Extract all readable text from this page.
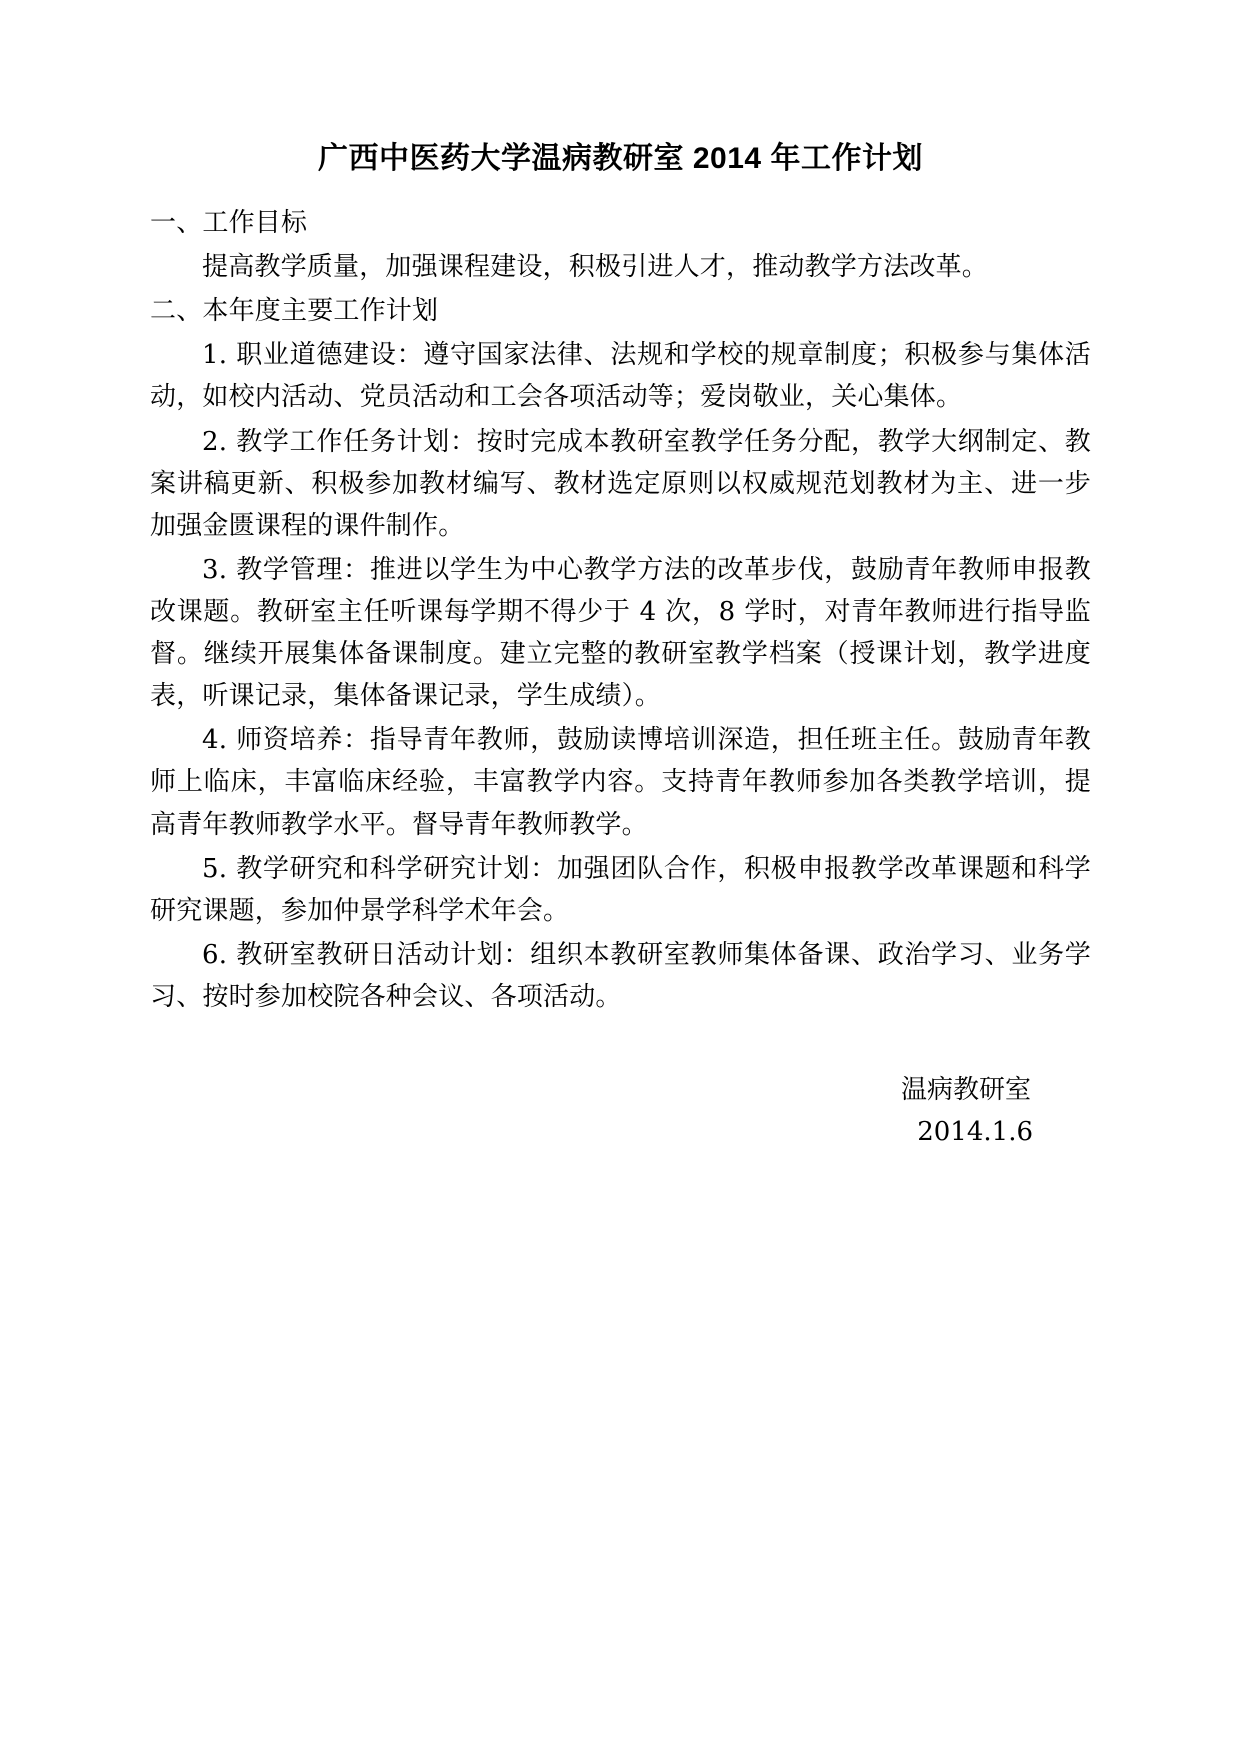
广西中医药大学温病教研室 2014 年工作计划

一、工作目标

提高教学质量，加强课程建设，积极引进人才，推动教学方法改革。

二、本年度主要工作计划

1. 职业道德建设：遵守国家法律、法规和学校的规章制度；积极参与集体活动，如校内活动、党员活动和工会各项活动等；爱岗敬业，关心集体。

2. 教学工作任务计划：按时完成本教研室教学任务分配，教学大纲制定、教案讲稿更新、积极参加教材编写、教材选定原则以权威规范划教材为主、进一步加强金匮课程的课件制作。

3. 教学管理：推进以学生为中心教学方法的改革步伐，鼓励青年教师申报教改课题。教研室主任听课每学期不得少于 4 次，8 学时，对青年教师进行指导监督。继续开展集体备课制度。建立完整的教研室教学档案（授课计划，教学进度表，听课记录，集体备课记录，学生成绩）。

4. 师资培养：指导青年教师，鼓励读博培训深造，担任班主任。鼓励青年教师上临床，丰富临床经验，丰富教学内容。支持青年教师参加各类教学培训，提高青年教师教学水平。督导青年教师教学。

5. 教学研究和科学研究计划：加强团队合作，积极申报教学改革课题和科学研究课题，参加仲景学科学术年会。

6. 教研室教研日活动计划：组织本教研室教师集体备课、政治学习、业务学习、按时参加校院各种会议、各项活动。

温病教研室
2014.1.6
